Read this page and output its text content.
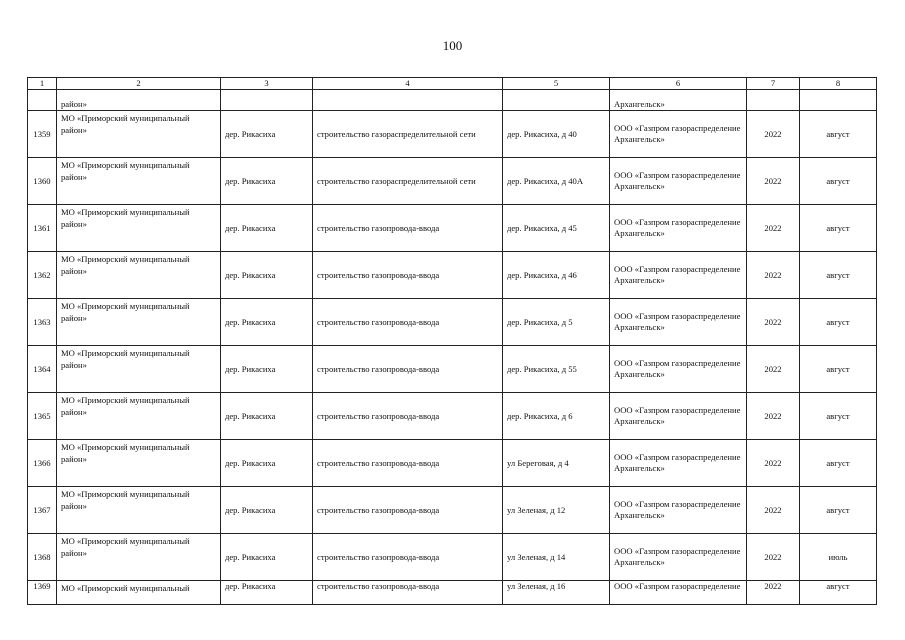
100
1	2	3	4	5	6	7	8
	район»				Архангельск»		
1359	МО «Приморский муниципальный район»	дер. Рикасиха	строительство газораспределительной сети	дер. Рикасиха, д 40	ООО «Газпром газораспределение Архангельск»	2022	август
1360	МО «Приморский муниципальный район»	дер. Рикасиха	строительство газораспределительной сети	дер. Рикасиха, д 40А	ООО «Газпром газораспределение Архангельск»	2022	август
1361	МО «Приморский муниципальный район»	дер. Рикасиха	строительство газопровода-ввода	дер. Рикасиха, д 45	ООО «Газпром газораспределение Архангельск»	2022	август
1362	МО «Приморский муниципальный район»	дер. Рикасиха	строительство газопровода-ввода	дер. Рикасиха, д 46	ООО «Газпром газораспределение Архангельск»	2022	август
1363	МО «Приморский муниципальный район»	дер. Рикасиха	строительство газопровода-ввода	дер. Рикасиха, д 5	ООО «Газпром газораспределение Архангельск»	2022	август
1364	МО «Приморский муниципальный район»	дер. Рикасиха	строительство газопровода-ввода	дер. Рикасиха, д 55	ООО «Газпром газораспределение Архангельск»	2022	август
1365	МО «Приморский муниципальный район»	дер. Рикасиха	строительство газопровода-ввода	дер. Рикасиха, д 6	ООО «Газпром газораспределение Архангельск»	2022	август
1366	МО «Приморский муниципальный район»	дер. Рикасиха	строительство газопровода-ввода	ул Береговая, д 4	ООО «Газпром газораспределение Архангельск»	2022	август
1367	МО «Приморский муниципальный район»	дер. Рикасиха	строительство газопровода-ввода	ул Зеленая, д 12	ООО «Газпром газораспределение Архангельск»	2022	август
1368	МО «Приморский муниципальный район»	дер. Рикасиха	строительство газопровода-ввода	ул Зеленая, д 14	ООО «Газпром газораспределение Архангельск»	2022	июль
1369	МО «Приморский муниципальный	дер. Рикасиха	строительство газопровода-ввода	ул Зеленая, д 16	ООО «Газпром газораспределение	2022	август
